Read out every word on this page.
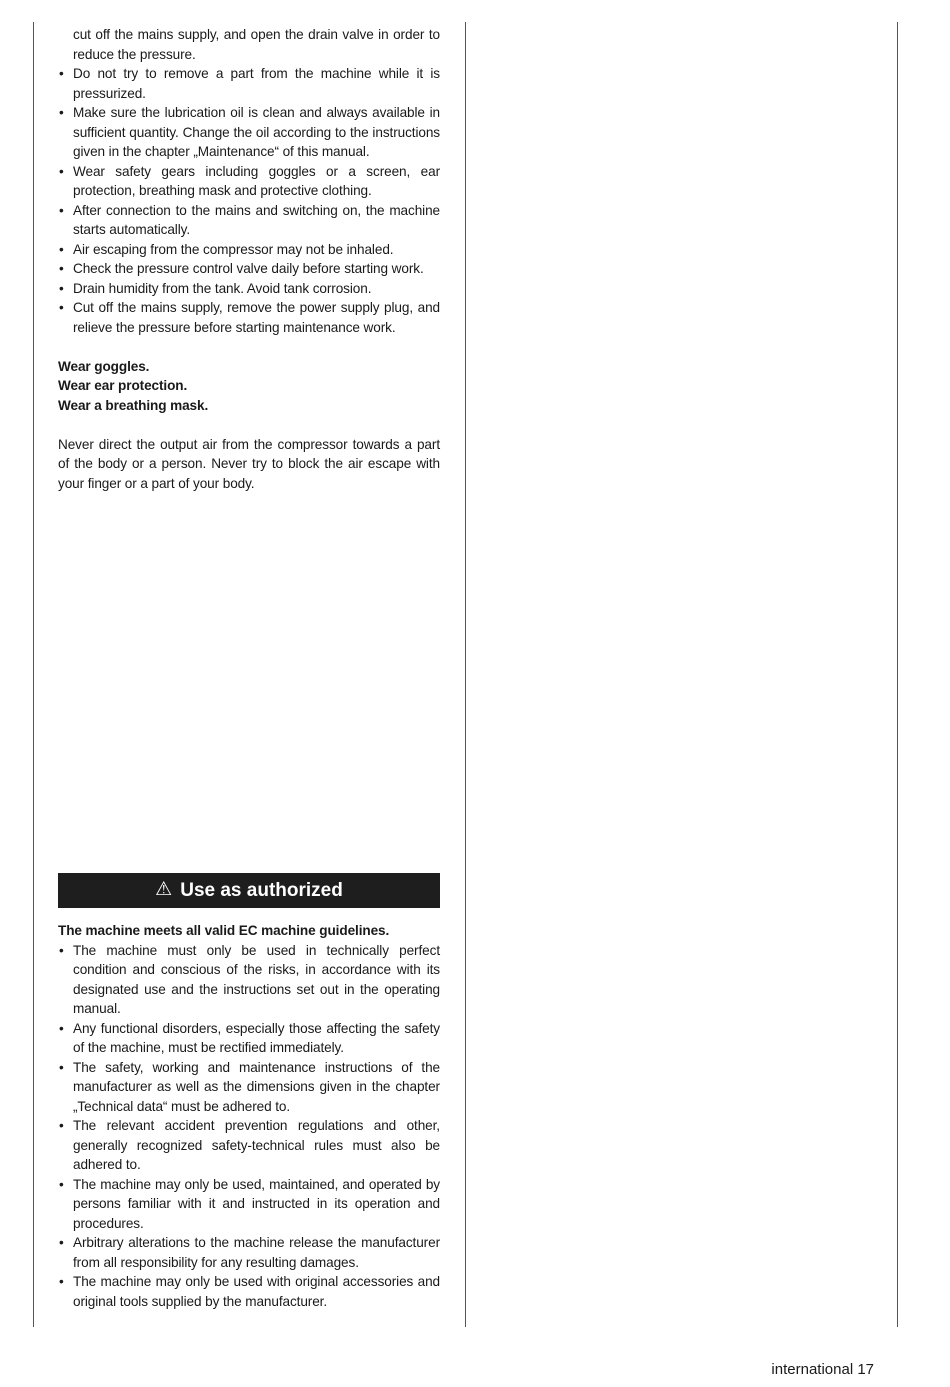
cut off the mains supply, and open the drain valve in order to reduce the pressure.
• Do not try to remove a part from the machine while it is pressurized.
• Make sure the lubrication oil is clean and always available in sufficient quantity. Change the oil according to the instructions given in the chapter „Maintenance“ of this manual.
• Wear safety gears including goggles or a screen, ear protection, breathing mask and protective clothing.
• After connection to the mains and switching on, the machine starts automatically.
• Air escaping from the compressor may not be inhaled.
• Check the pressure control valve daily before starting work.
• Drain humidity from the tank. Avoid tank corrosion.
• Cut off the mains supply, remove the power supply plug, and relieve the pressure before starting maintenance work.
Wear goggles.
Wear ear protection.
Wear a breathing mask.

Never direct the output air from the compressor towards a part of the body or a person. Never try to block the air escape with your finger or a part of your body.

⚠ Use as authorized
The machine meets all valid EC machine guidelines.
• The machine must only be used in technically perfect condition and conscious of the risks, in accordance with its designated use and the instructions set out in the operating manual.
• Any functional disorders, especially those affecting the safety of the machine, must be rectified immediately.
• The safety, working and maintenance instructions of the manufacturer as well as the dimensions given in the chapter „Technical data“ must be adhered to.
• The relevant accident prevention regulations and other, generally recognized safety-technical rules must also be adhered to.
• The machine may only be used, maintained, and operated by persons familiar with it and instructed in its operation and procedures.
• Arbitrary alterations to the machine release the manufacturer from all responsibility for any resulting damages.
• The machine may only be used with original accessories and original tools supplied by the manufacturer.
international 17
